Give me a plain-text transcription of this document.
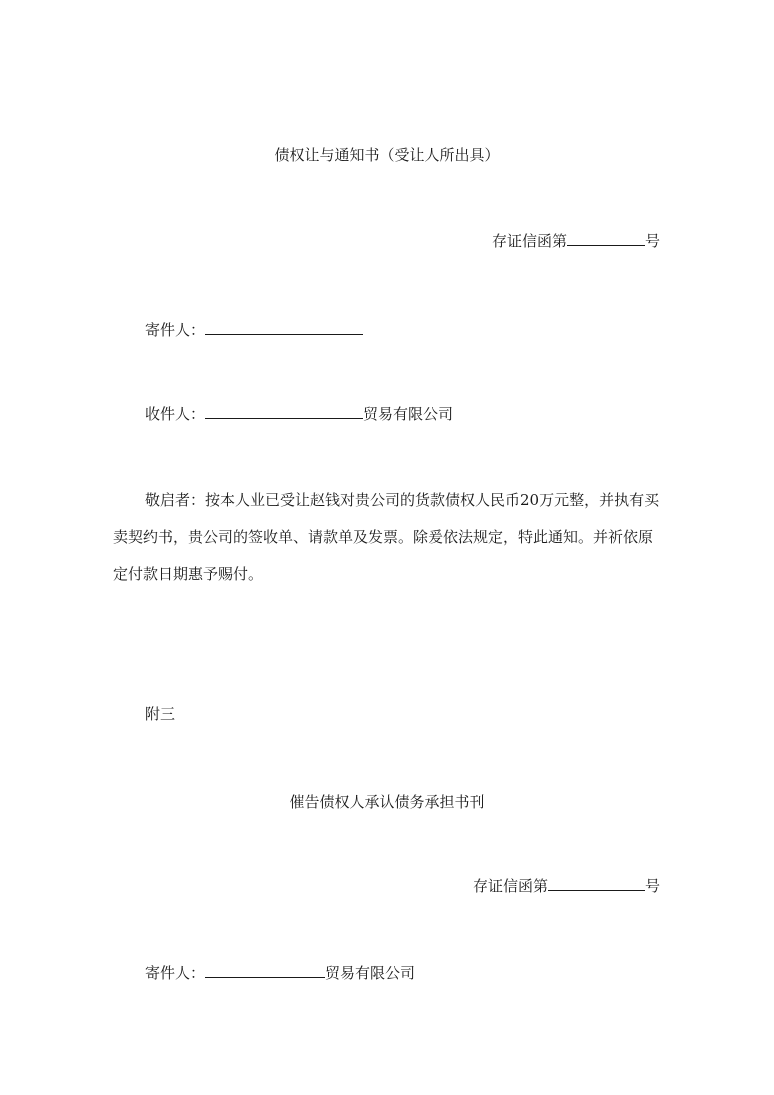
债权让与通知书（受让人所出具）
存证信函第	号
寄件人：
收件人：	贸易有限公司
敬启者：按本人业已受让赵钱对贵公司的货款债权人民币20万元整，并执有买
卖契约书，贵公司的签收单、请款单及发票。除爰依法规定，特此通知。并祈依原
定付款日期惠予赐付。
附三
催告债权人承认债务承担书刊
存证信函第	号
寄件人：	贸易有限公司
